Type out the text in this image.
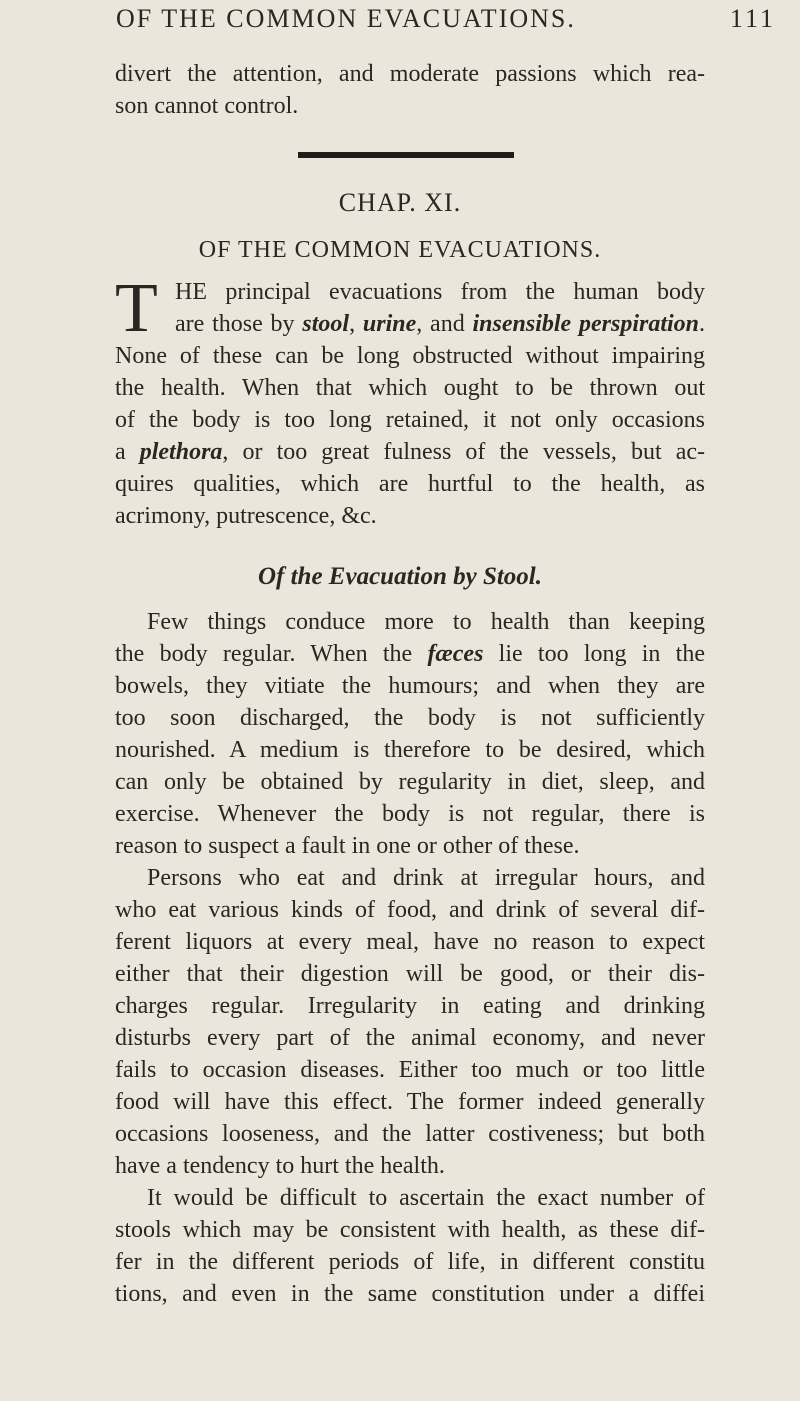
OF THE COMMON EVACUATIONS.	111
divert the attention, and moderate passions which rea-
son cannot control.
CHAP. XI.
OF THE COMMON EVACUATIONS.
T HE principal evacuations from the human body
are those by stool, urine, and insensible perspiration.
None of these can be long obstructed without impairing
the health. When that which ought to be thrown out
of the body is too long retained, it not only occasions
a plethora, or too great fulness of the vessels, but ac-
quires qualities, which are hurtful to the health, as
acrimony, putrescence, &c.
Of the Evacuation by Stool.
Few things conduce more to health than keeping
the body regular. When the fæces lie too long in the
bowels, they vitiate the humours; and when they are
too soon discharged, the body is not sufficiently
nourished. A medium is therefore to be desired, which
can only be obtained by regularity in diet, sleep, and
exercise. Whenever the body is not regular, there is
reason to suspect a fault in one or other of these.
Persons who eat and drink at irregular hours, and
who eat various kinds of food, and drink of several dif-
ferent liquors at every meal, have no reason to expect
either that their digestion will be good, or their dis-
charges regular. Irregularity in eating and drinking
disturbs every part of the animal economy, and never
fails to occasion diseases. Either too much or too little
food will have this effect. The former indeed generally
occasions looseness, and the latter costiveness; but both
have a tendency to hurt the health.
It would be difficult to ascertain the exact number of
stools which may be consistent with health, as these dif-
fer in the different periods of life, in different constitu
tions, and even in the same constitution under a diffei
